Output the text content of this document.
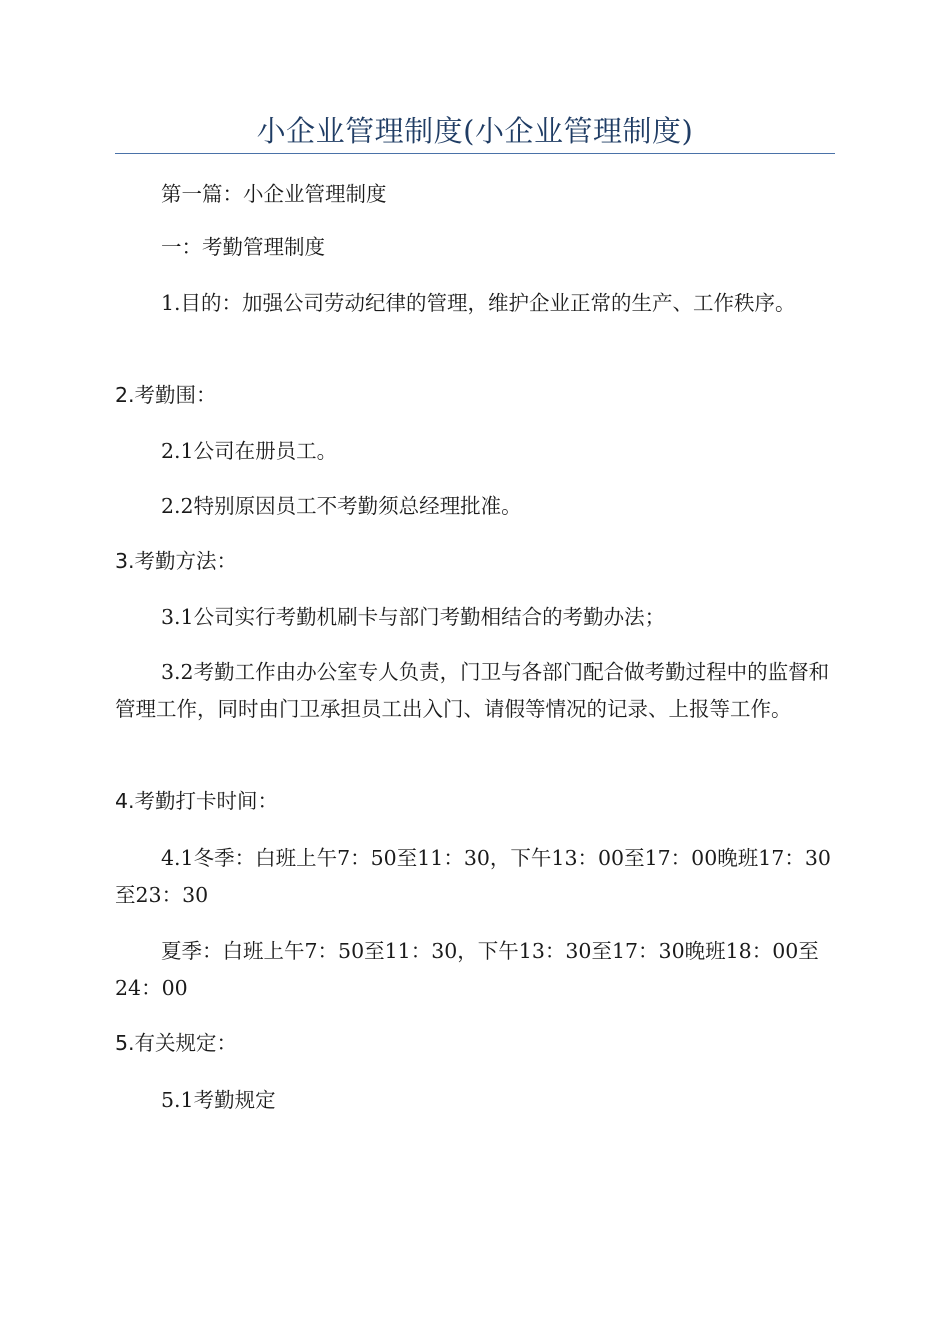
小企业管理制度(小企业管理制度)

第一篇：小企业管理制度

一：考勤管理制度

1.目的：加强公司劳动纪律的管理，维护企业正常的生产、工作秩序。

2.考勤围：

2.1公司在册员工。

2.2特别原因员工不考勤须总经理批准。

3.考勤方法：

3.1公司实行考勤机刷卡与部门考勤相结合的考勤办法；

3.2考勤工作由办公室专人负责，门卫与各部门配合做考勤过程中的监督和管理工作，同时由门卫承担员工出入门、请假等情况的记录、上报等工作。

4.考勤打卡时间：

4.1冬季：白班上午7：50至11：30，下午13：00至17：00晚班17：30至23：30

夏季：白班上午7：50至11：30，下午13：30至17：30晚班18：00至24：00

5.有关规定：

5.1考勤规定
